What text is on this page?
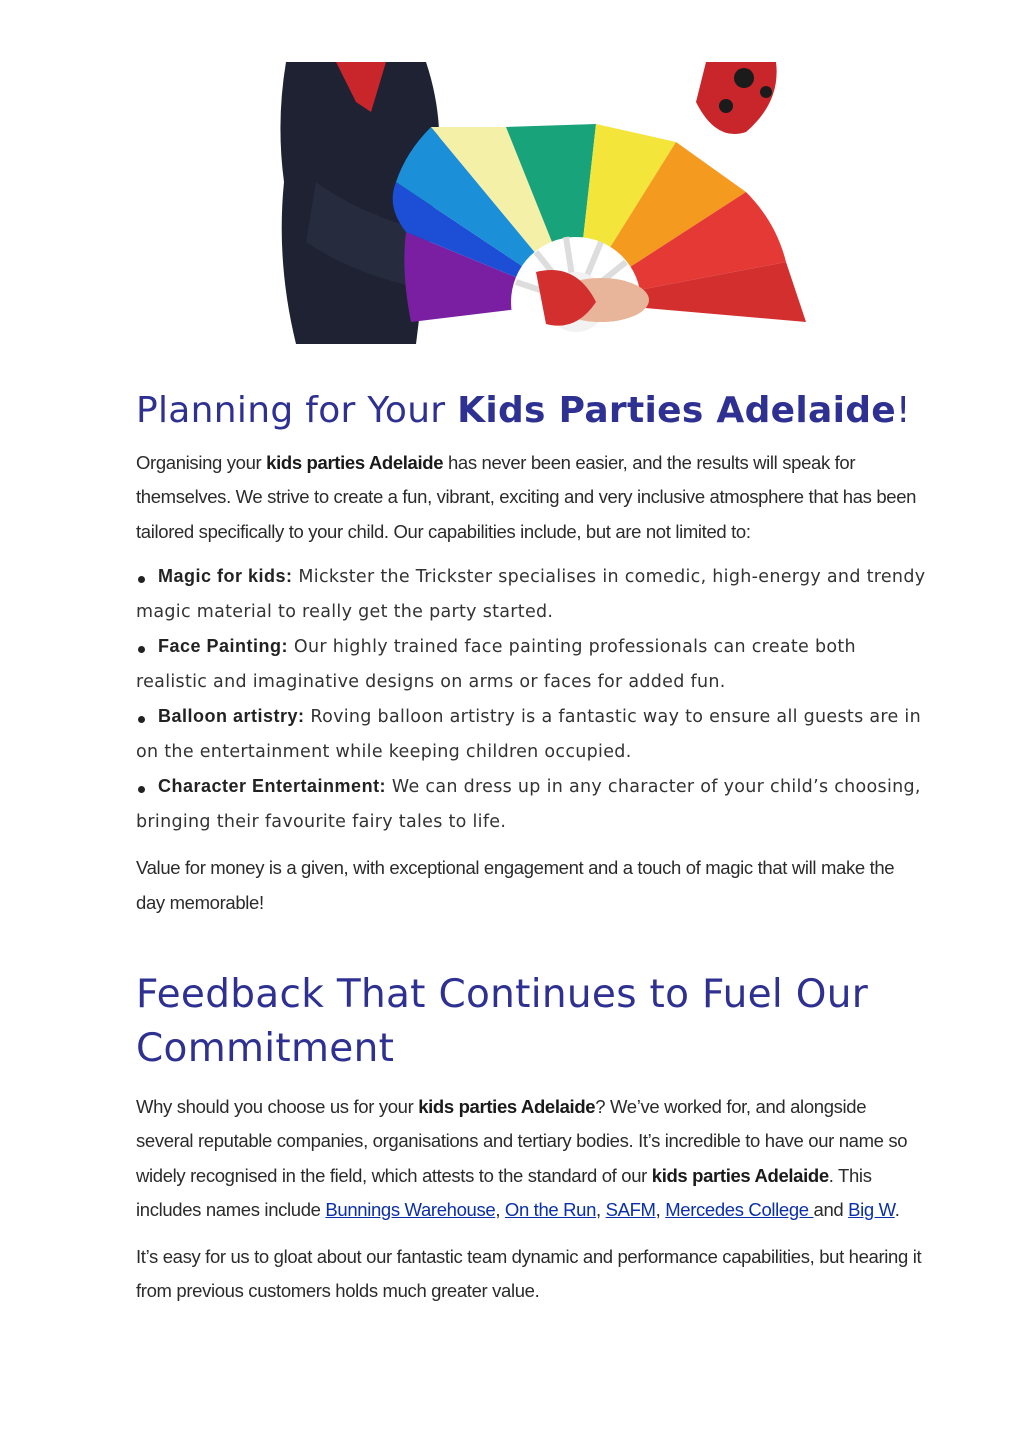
Planning for Your Kids Parties Adelaide!

Organising your kids parties Adelaide has never been easier, and the results will speak for themselves. We strive to create a fun, vibrant, exciting and very inclusive atmosphere that has been tailored specifically to your child. Our capabilities include, but are not limited to:

Magic for kids: Mickster the Trickster specialises in comedic, high-energy and trendy magic material to really get the party started.
Face Painting: Our highly trained face painting professionals can create both realistic and imaginative designs on arms or faces for added fun.
Balloon artistry: Roving balloon artistry is a fantastic way to ensure all guests are in on the entertainment while keeping children occupied.
Character Entertainment: We can dress up in any character of your child’s choosing, bringing their favourite fairy tales to life.

Value for money is a given, with exceptional engagement and a touch of magic that will make the day memorable!

Feedback That Continues to Fuel Our Commitment

Why should you choose us for your kids parties Adelaide? We’ve worked for, and alongside several reputable companies, organisations and tertiary bodies. It’s incredible to have our name so widely recognised in the field, which attests to the standard of our kids parties Adelaide. This includes names include Bunnings Warehouse, On the Run, SAFM, Mercedes College and Big W.

It’s easy for us to gloat about our fantastic team dynamic and performance capabilities, but hearing it from previous customers holds much greater value.
